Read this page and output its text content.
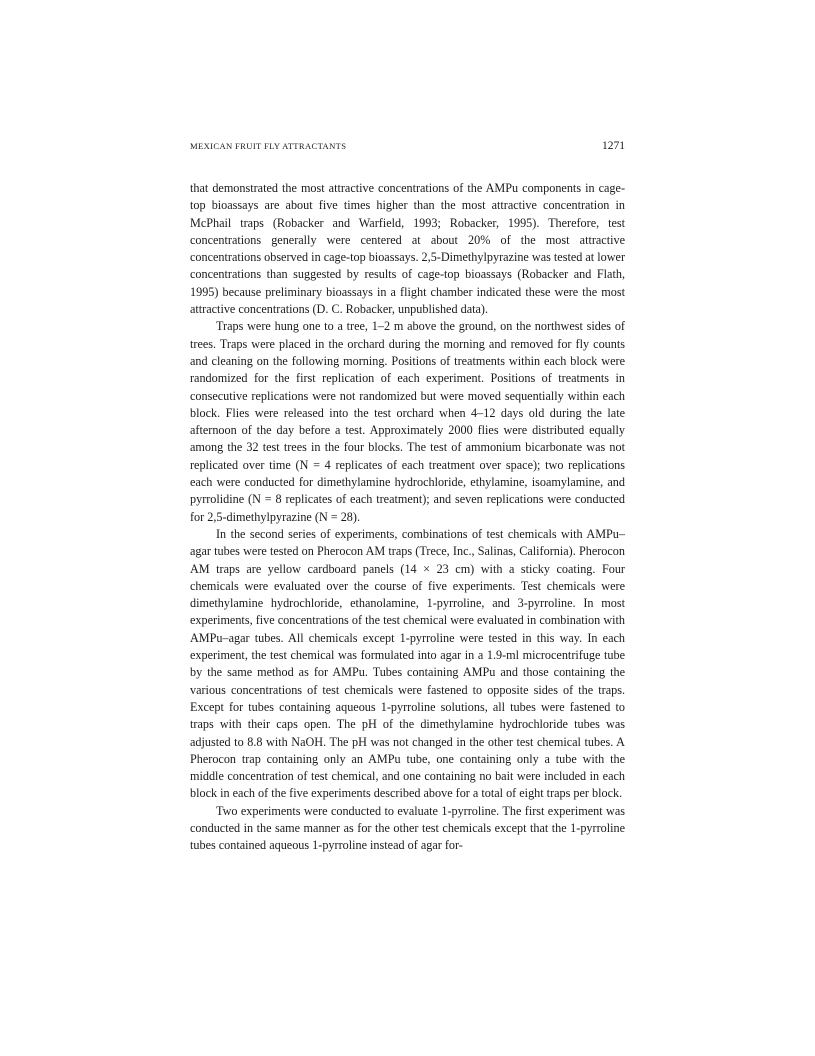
MEXICAN FRUIT FLY ATTRACTANTS	1271

that demonstrated the most attractive concentrations of the AMPu components in cage-top bioassays are about five times higher than the most attractive concentration in McPhail traps (Robacker and Warfield, 1993; Robacker, 1995). Therefore, test concentrations generally were centered at about 20% of the most attractive concentrations observed in cage-top bioassays. 2,5-Dimethylpyrazine was tested at lower concentrations than suggested by results of cage-top bioassays (Robacker and Flath, 1995) because preliminary bioassays in a flight chamber indicated these were the most attractive concentrations (D. C. Robacker, unpublished data).

Traps were hung one to a tree, 1–2 m above the ground, on the northwest sides of trees. Traps were placed in the orchard during the morning and removed for fly counts and cleaning on the following morning. Positions of treatments within each block were randomized for the first replication of each experiment. Positions of treatments in consecutive replications were not randomized but were moved sequentially within each block. Flies were released into the test orchard when 4–12 days old during the late afternoon of the day before a test. Approximately 2000 flies were distributed equally among the 32 test trees in the four blocks. The test of ammonium bicarbonate was not replicated over time (N = 4 replicates of each treatment over space); two replications each were conducted for dimethylamine hydrochloride, ethylamine, isoamylamine, and pyrrolidine (N = 8 replicates of each treatment); and seven replications were conducted for 2,5-dimethylpyrazine (N = 28).

In the second series of experiments, combinations of test chemicals with AMPu–agar tubes were tested on Pherocon AM traps (Trece, Inc., Salinas, California). Pherocon AM traps are yellow cardboard panels (14 × 23 cm) with a sticky coating. Four chemicals were evaluated over the course of five experiments. Test chemicals were dimethylamine hydrochloride, ethanolamine, 1-pyrroline, and 3-pyrroline. In most experiments, five concentrations of the test chemical were evaluated in combination with AMPu–agar tubes. All chemicals except 1-pyrroline were tested in this way. In each experiment, the test chemical was formulated into agar in a 1.9-ml microcentrifuge tube by the same method as for AMPu. Tubes containing AMPu and those containing the various concentrations of test chemicals were fastened to opposite sides of the traps. Except for tubes containing aqueous 1-pyrroline solutions, all tubes were fastened to traps with their caps open. The pH of the dimethylamine hydrochloride tubes was adjusted to 8.8 with NaOH. The pH was not changed in the other test chemical tubes. A Pherocon trap containing only an AMPu tube, one containing only a tube with the middle concentration of test chemical, and one containing no bait were included in each block in each of the five experiments described above for a total of eight traps per block.

Two experiments were conducted to evaluate 1-pyrroline. The first experiment was conducted in the same manner as for the other test chemicals except that the 1-pyrroline tubes contained aqueous 1-pyrroline instead of agar for-
